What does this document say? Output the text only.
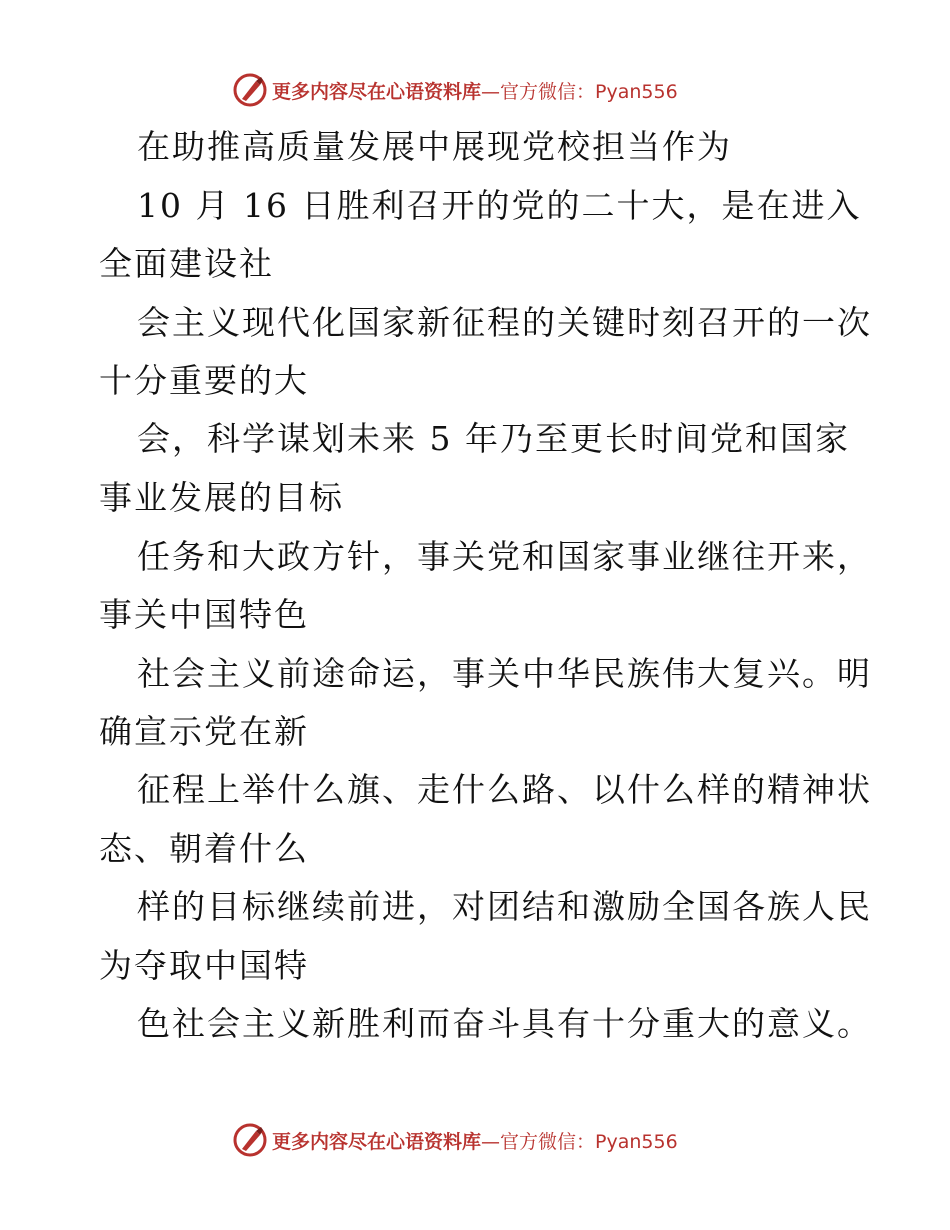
更多内容尽在心语资料库 —官方微信：Pyan556
在助推高质量发展中展现党校担当作为
10 月 16 日胜利召开的党的二十大，是在进入
全面建设社
会主义现代化国家新征程的关键时刻召开的一次
十分重要的大
会，科学谋划未来 5 年乃至更长时间党和国家
事业发展的目标
任务和大政方针，事关党和国家事业继往开来，
事关中国特色
社会主义前途命运，事关中华民族伟大复兴。明
确宣示党在新
征程上举什么旗、走什么路、以什么样的精神状
态、朝着什么
样的目标继续前进，对团结和激励全国各族人民
为夺取中国特
色社会主义新胜利而奋斗具有十分重大的意义。
更多内容尽在心语资料库 —官方微信：Pyan556
